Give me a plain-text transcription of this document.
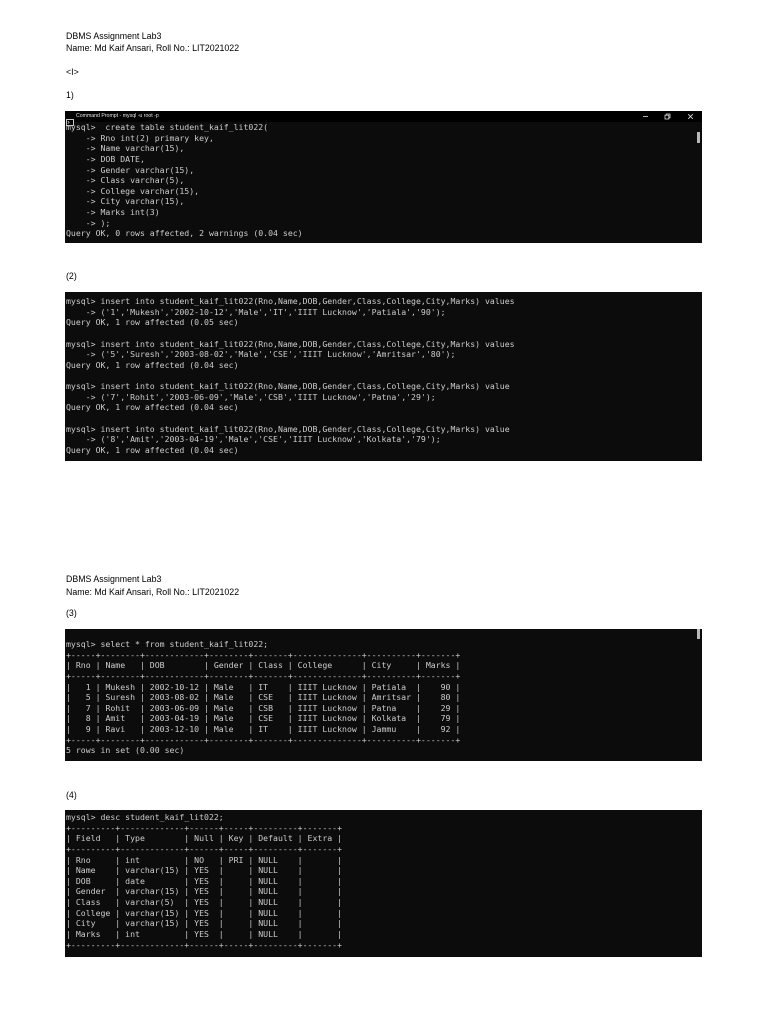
DBMS Assignment Lab3
Name: Md Kaif Ansari, Roll No.: LIT2021022
<I>
1)
Command Prompt - mysql -u root -p
mysql>  create table student_kaif_lit022(
-> Rno int(2) primary key,
-> Name varchar(15),
-> DOB DATE,
-> Gender varchar(15),
-> Class varchar(5),
-> College varchar(15),
-> City varchar(15),
-> Marks int(3)
-> );
Query OK, 0 rows affected, 2 warnings (0.04 sec)
(2)
mysql> insert into student_kaif_lit022(Rno,Name,DOB,Gender,Class,College,City,Marks) values
-> ('1','Mukesh','2002-10-12','Male','IT','IIIT Lucknow','Patiala','90');
Query OK, 1 row affected (0.05 sec)
mysql> insert into student_kaif_lit022(Rno,Name,DOB,Gender,Class,College,City,Marks) values
-> ('5','Suresh','2003-08-02','Male','CSE','IIIT Lucknow','Amritsar','80');
Query OK, 1 row affected (0.04 sec)
mysql> insert into student_kaif_lit022(Rno,Name,DOB,Gender,Class,College,City,Marks) value
-> ('7','Rohit','2003-06-09','Male','CSB','IIIT Lucknow','Patna','29');
Query OK, 1 row affected (0.04 sec)
mysql> insert into student_kaif_lit022(Rno,Name,DOB,Gender,Class,College,City,Marks) value
-> ('8','Amit','2003-04-19','Male','CSE','IIIT Lucknow','Kolkata','79');
Query OK, 1 row affected (0.04 sec)
DBMS Assignment Lab3
Name: Md Kaif Ansari, Roll No.: LIT2021022
(3)
mysql> select * from student_kaif_lit022;
+-----+--------+------------+--------+-------+--------------+----------+-------+
| Rno | Name | DOB	| Gender | Class | College	| City | Marks |
+-----+--------+------------+--------+-------+--------------+----------+-------+
| 1 | Mukesh | 2002-10-12 | Male | IT | IIIT Lucknow | Patiala | 90 |
| 5 | Suresh | 2003-08-02 | Male | CSE | IIIT Lucknow | Amritsar | 80 |
| 7 | Rohit | 2003-06-09 | Male | CSB | IIIT Lucknow | Patna | 29 |
| 8 | Amit | 2003-04-19 | Male | CSE | IIIT Lucknow | Kolkata | 79 |
| 9 | Ravi | 2003-12-10 | Male | IT | IIIT Lucknow | Jammu | 92 |
+-----+--------+------------+--------+-------+--------------+----------+-------+
5 rows in set (0.00 sec)
(4)
mysql> desc student_kaif_lit022;
+---------+-------------+------+-----+---------+-------+
| Field | Type	| Null | Key | Default | Extra |
+---------+-------------+------+-----+---------+-------+
| Rno | int	| NO | PRI | NULL |	|
| Name | varchar(15) | YES |  | NULL |	|
| DOB | date	| YES |  | NULL |	|
| Gender | varchar(15) | YES |  | NULL |	|
| Class | varchar(5) | YES |  | NULL |	|
| College | varchar(15) | YES |  | NULL |	|
| City | varchar(15) | YES |  | NULL |	|
| Marks | int	| YES |  | NULL |	|
+---------+-------------+------+-----+---------+-------+
